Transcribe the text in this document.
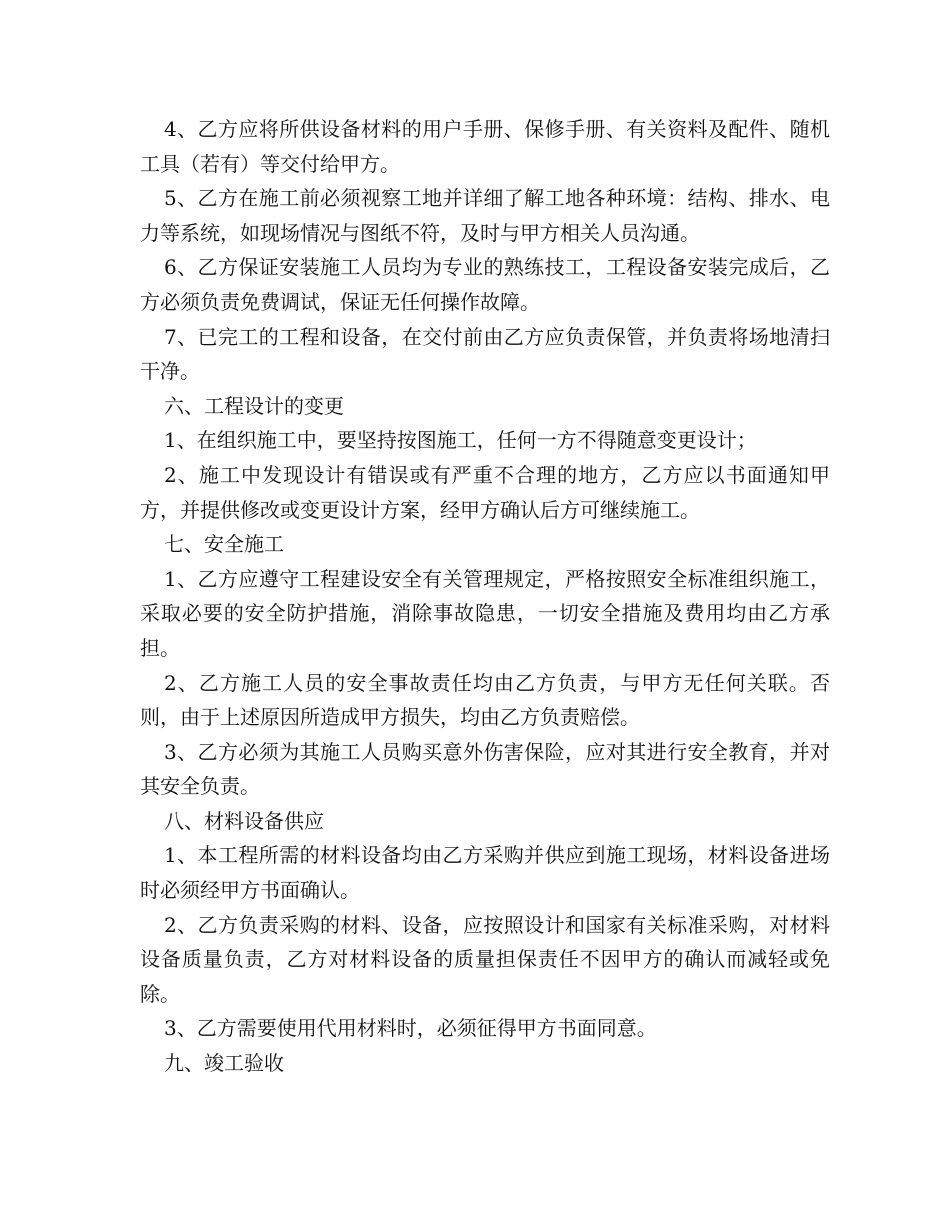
4、乙方应将所供设备材料的用户手册、保修手册、有关资料及配件、随机工具（若有）等交付给甲方。

5、乙方在施工前必须视察工地并详细了解工地各种环境：结构、排水、电力等系统，如现场情况与图纸不符，及时与甲方相关人员沟通。

6、乙方保证安装施工人员均为专业的熟练技工，工程设备安装完成后，乙方必须负责免费调试，保证无任何操作故障。

7、已完工的工程和设备，在交付前由乙方应负责保管，并负责将场地清扫干净。

六、工程设计的变更

1、在组织施工中，要坚持按图施工，任何一方不得随意变更设计；

2、施工中发现设计有错误或有严重不合理的地方，乙方应以书面通知甲方，并提供修改或变更设计方案，经甲方确认后方可继续施工。

七、安全施工

1、乙方应遵守工程建设安全有关管理规定，严格按照安全标准组织施工，采取必要的安全防护措施，消除事故隐患，一切安全措施及费用均由乙方承担。

2、乙方施工人员的安全事故责任均由乙方负责，与甲方无任何关联。否则，由于上述原因所造成甲方损失，均由乙方负责赔偿。

3、乙方必须为其施工人员购买意外伤害保险，应对其进行安全教育，并对其安全负责。

八、材料设备供应

1、本工程所需的材料设备均由乙方采购并供应到施工现场，材料设备进场时必须经甲方书面确认。

2、乙方负责采购的材料、设备，应按照设计和国家有关标准采购，对材料设备质量负责，乙方对材料设备的质量担保责任不因甲方的确认而减轻或免除。

3、乙方需要使用代用材料时，必须征得甲方书面同意。

九、竣工验收
